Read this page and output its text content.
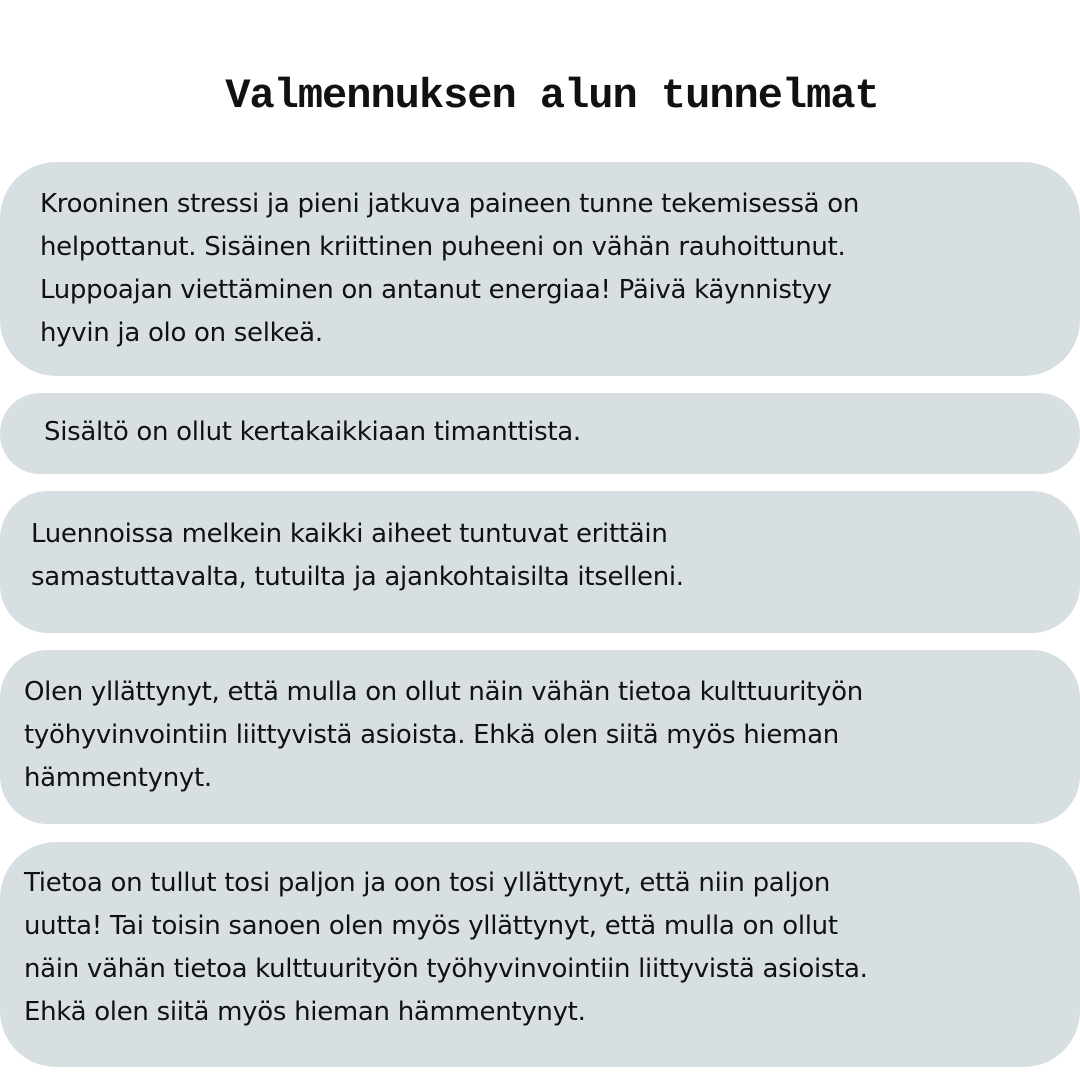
Valmennuksen alun tunnelmat
Krooninen stressi ja pieni jatkuva paineen tunne tekemisessä on
helpottanut. Sisäinen kriittinen puheeni on vähän rauhoittunut.
Luppoajan viettäminen on antanut energiaa! Päivä käynnistyy
hyvin ja olo on selkeä.
Sisältö on ollut kertakaikkiaan timanttista.
Luennoissa melkein kaikki aiheet tuntuvat erittäin
samastuttavalta, tutuilta ja ajankohtaisilta itselleni.
Olen yllättynyt, että mulla on ollut näin vähän tietoa kulttuurityön
työhyvinvointiin liittyvistä asioista. Ehkä olen siitä myös hieman
hämmentynyt.
Tietoa on tullut tosi paljon ja oon tosi yllättynyt, että niin paljon
uutta! Tai toisin sanoen olen myös yllättynyt, että mulla on ollut
näin vähän tietoa kulttuurityön työhyvinvointiin liittyvistä asioista.
Ehkä olen siitä myös hieman hämmentynyt.
